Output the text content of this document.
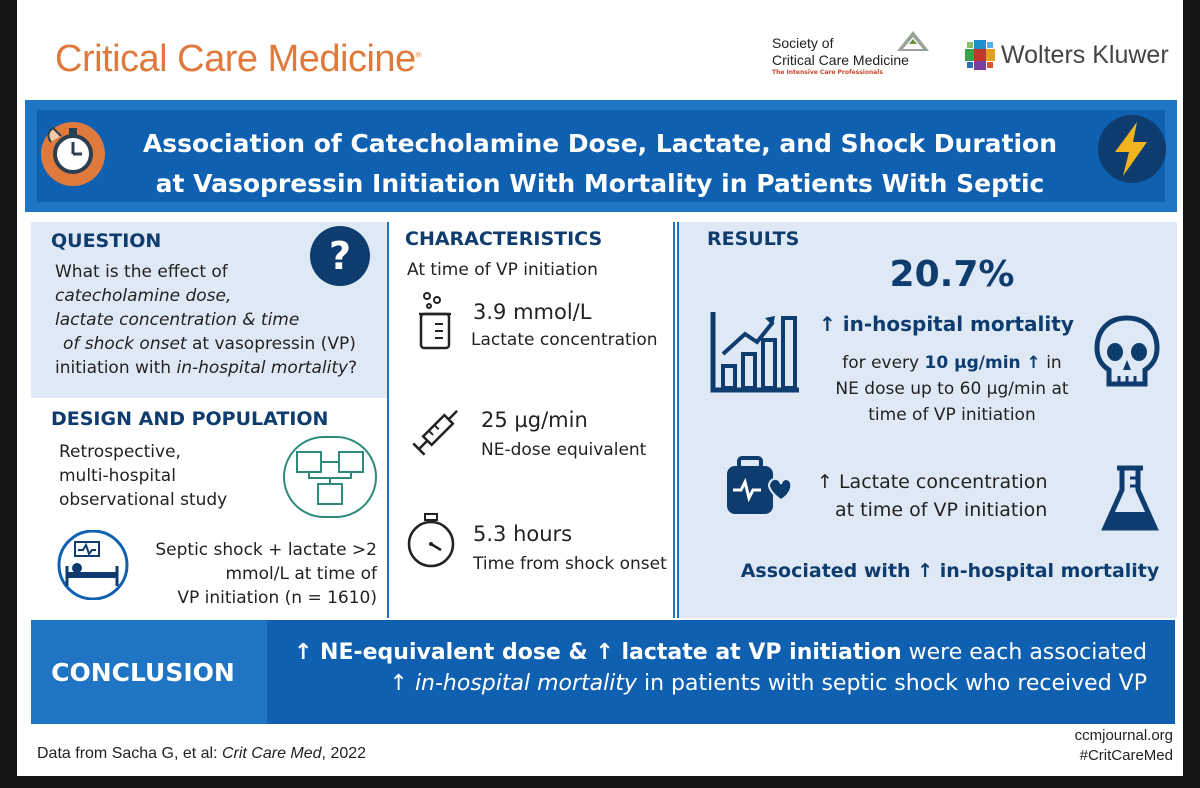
Critical Care Medicine®
Society of
Critical Care Medicine
The Intensive Care Professionals
Wolters Kluwer
Association of Catecholamine Dose, Lactate, and Shock Duration
at Vasopressin Initiation With Mortality in Patients With Septic
QUESTION	?
What is the effect of
catecholamine dose,
lactate concentration & time
of shock onset at vasopressin (VP)
initiation with in-hospital mortality?
DESIGN AND POPULATION
Retrospective,
multi-hospital
observational study
Septic shock + lactate >2
mmol/L at time of
VP initiation (n = 1610)
CHARACTERISTICS
At time of VP initiation
3.9 mmol/L
Lactate concentration
25 µg/min
NE-dose equivalent
5.3 hours
Time from shock onset
RESULTS
20.7%
↑ in-hospital mortality
for every 10 µg/min ↑ in
NE dose up to 60 µg/min at
time of VP initiation
↑ Lactate concentration
at time of VP initiation
Associated with ↑ in-hospital mortality
CONCLUSION
↑ NE-equivalent dose & ↑ lactate at VP initiation were each associated
↑ in-hospital mortality in patients with septic shock who received VP
Data from Sacha G, et al: Crit Care Med, 2022
ccmjournal.org
#CritCareMed
